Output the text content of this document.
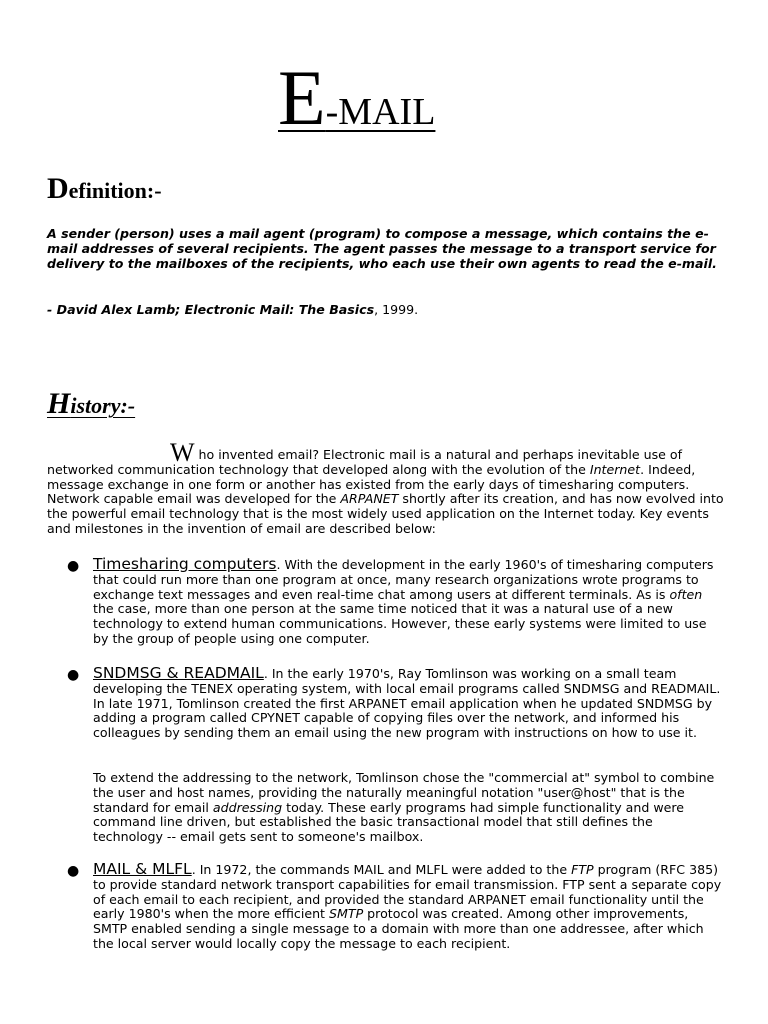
E-MAIL
Definition:-
A sender (person) uses a mail agent (program) to compose a message, which contains the e-mail addresses of several recipients. The agent passes the message to a transport service for delivery to the mailboxes of the recipients, who each use their own agents to read the e-mail.
- David Alex Lamb; Electronic Mail: The Basics, 1999.
History:-
Who invented email? Electronic mail is a natural and perhaps inevitable use of networked communication technology that developed along with the evolution of the Internet. Indeed, message exchange in one form or another has existed from the early days of timesharing computers. Network capable email was developed for the ARPANET shortly after its creation, and has now evolved into the powerful email technology that is the most widely used application on the Internet today. Key events and milestones in the invention of email are described below:
● Timesharing computers. With the development in the early 1960's of timesharing computers that could run more than one program at once, many research organizations wrote programs to exchange text messages and even real-time chat among users at different terminals. As is often the case, more than one person at the same time noticed that it was a natural use of a new technology to extend human communications. However, these early systems were limited to use by the group of people using one computer.
● SNDMSG & READMAIL. In the early 1970's, Ray Tomlinson was working on a small team developing the TENEX operating system, with local email programs called SNDMSG and READMAIL. In late 1971, Tomlinson created the first ARPANET email application when he updated SNDMSG by adding a program called CPYNET capable of copying files over the network, and informed his colleagues by sending them an email using the new program with instructions on how to use it.
To extend the addressing to the network, Tomlinson chose the "commercial at" symbol to combine the user and host names, providing the naturally meaningful notation "user@host" that is the standard for email addressing today. These early programs had simple functionality and were command line driven, but established the basic transactional model that still defines the technology -- email gets sent to someone's mailbox.
● MAIL & MLFL. In 1972, the commands MAIL and MLFL were added to the FTP program (RFC 385) to provide standard network transport capabilities for email transmission. FTP sent a separate copy of each email to each recipient, and provided the standard ARPANET email functionality until the early 1980's when the more efficient SMTP protocol was created. Among other improvements, SMTP enabled sending a single message to a domain with more than one addressee, after which the local server would locally copy the message to each recipient.
